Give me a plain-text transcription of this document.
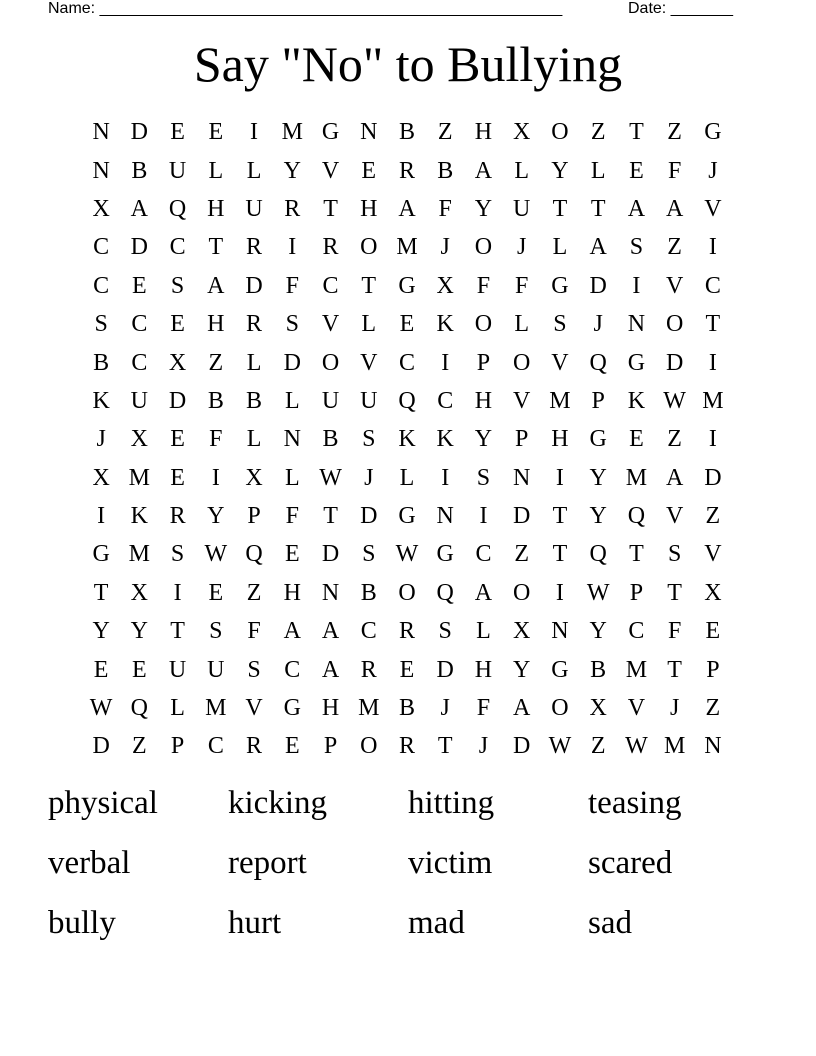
Name: ____________________________________________________	Date: _______
Say "No" to Bullying
N D E E	I M G N B Z H X O Z T Z G
N B U L L Y V E R B A L Y L E	F	J
X A Q H U R T H A F Y U T T A A V
C D C T R	I	R O M J	O	J	L A S	Z	I
C E	S A D F C T G X F	F G D	I	V C
S C E H R S V L E K O L	S	J	N O T
B C X Z L D O V C	I	P O V Q G D	I
K U D B B L U U Q C H V M P K W M
J	X E	F	L N B S K K Y P H G E Z	I
X M E	I	X L W J	L	I	S N	I	Y M A D
I	K R Y P	F	T D G N	I	D T Y Q V Z
G M S W Q E D S W G C Z T Q T	S V
T X	I	E Z H N B O Q A O	I W P	T X
Y Y T	S	F A A C R S	L X N Y C F	E
E E U U S C A R E D H Y G B M T	P
W Q L M V G H M B	J	F A O X V	J	Z
D Z	P C R E	P O R T	J	D W Z W M N
physical	kicking	hitting	teasing
verbal	report	victim	scared
bully	hurt	mad	sad
